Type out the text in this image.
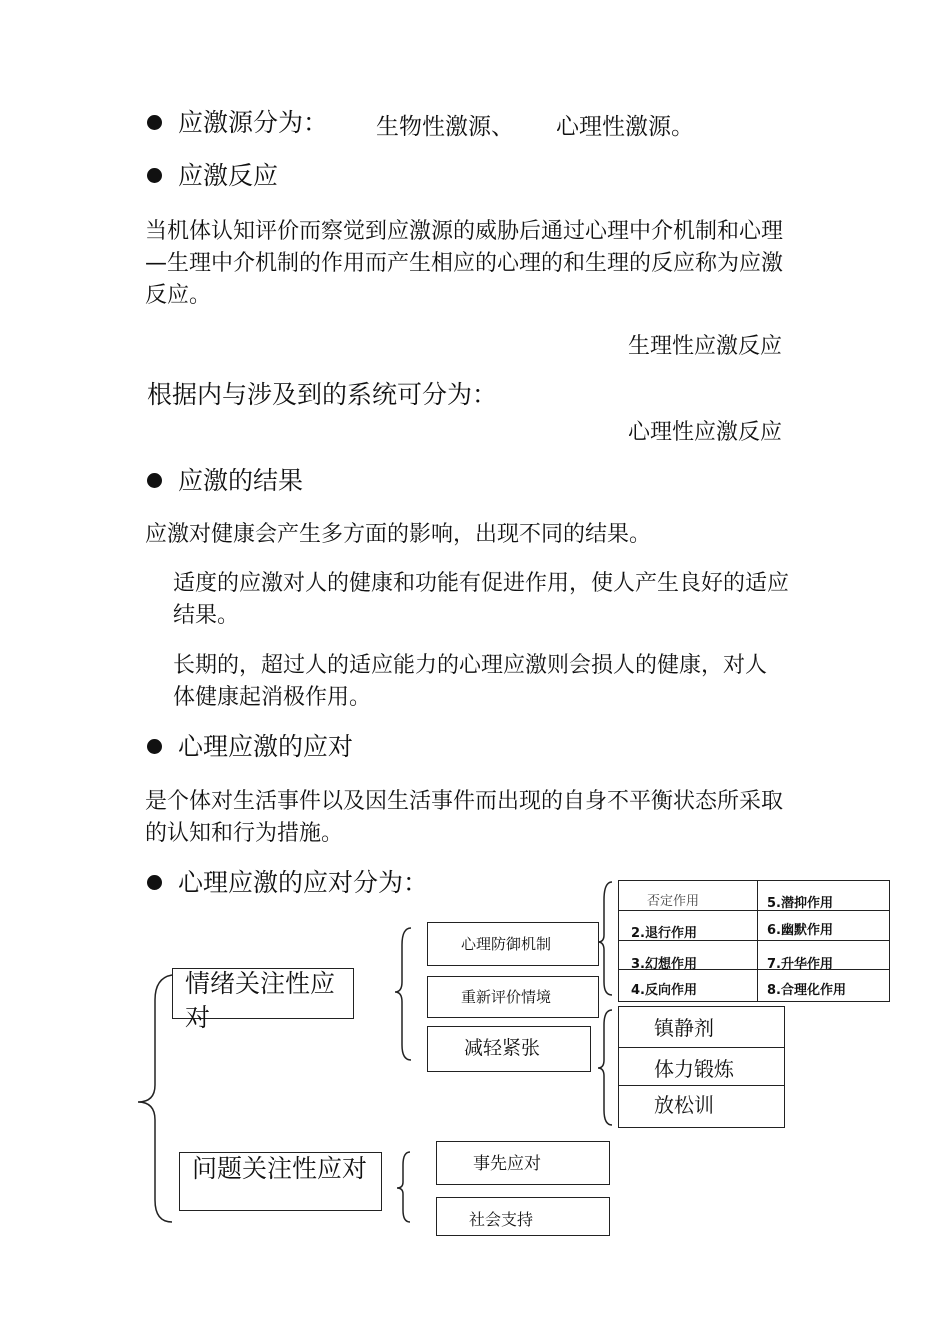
应激源分为： 生物性激源、 心理性激源。
应激反应
当机体认知评价而察觉到应激源的威胁后通过心理中介机制和心理—生理中介机制的作用而产生相应的心理的和生理的反应称为应激反应。
生理性应激反应
根据内与涉及到的系统可分为：
心理性应激反应
应激的结果
应激对健康会产生多方面的影响，出现不同的结果。
适度的应激对人的健康和功能有促进作用，使人产生良好的适应结果。
长期的，超过人的适应能力的心理应激则会损人的健康，对人体健康起消极作用。
心理应激的应对
是个体对生活事件以及因生活事件而出现的自身不平衡状态所采取的认知和行为措施。
心理应激的应对分为：
情绪关注性应对
问题关注性应对
心理防御机制
重新评价情境
减轻紧张
否定作用	5.潜抑作用
2.退行作用	6.幽默作用
3.幻想作用	7.升华作用
4.反向作用	8.合理化作用
镇静剂
体力锻炼
放松训
事先应对
社会支持
